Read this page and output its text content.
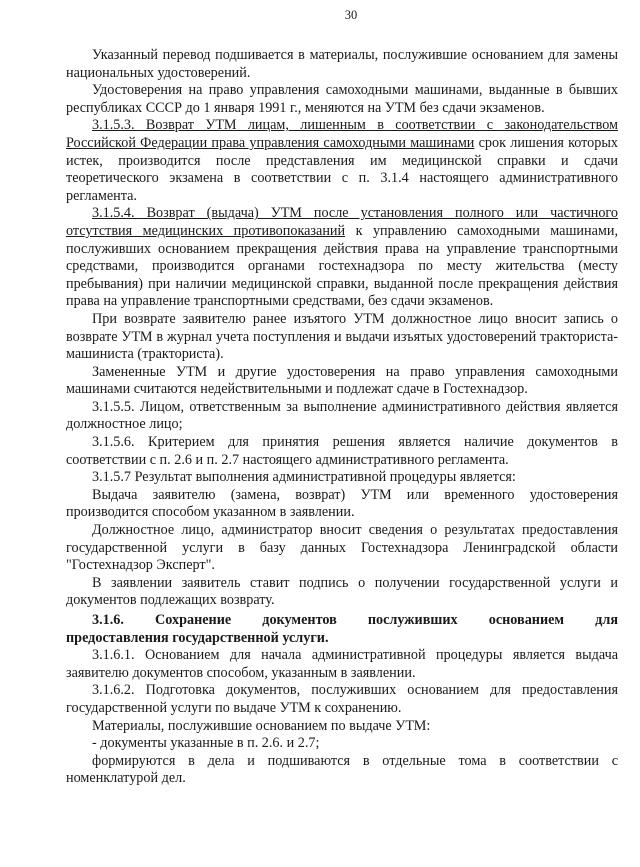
30

Указанный перевод подшивается в материалы, послужившие основанием для замены национальных удостоверений.

Удостоверения на право управления самоходными машинами, выданные в бывших республиках СССР до 1 января 1991 г., меняются на УТМ без сдачи экзаменов.

3.1.5.3. Возврат УТМ лицам, лишенным в соответствии с законодательством Российской Федерации права управления самоходными машинами срок лишения которых истек, производится после представления им медицинской справки и сдачи теоретического экзамена в соответствии с п. 3.1.4 настоящего административного регламента.

3.1.5.4. Возврат (выдача) УТМ после установления полного или частичного отсутствия медицинских противопоказаний к управлению самоходными машинами, послуживших основанием прекращения действия права на управление транспортными средствами, производится органами гостехнадзора по месту жительства (месту пребывания) при наличии медицинской справки, выданной после прекращения действия права на управление транспортными средствами, без сдачи экзаменов.

При возврате заявителю ранее изъятого УТМ должностное лицо вносит запись о возврате УТМ в журнал учета поступления и выдачи изъятых удостоверений тракториста-машиниста (тракториста).

Замененные УТМ и другие удостоверения на право управления самоходными машинами считаются недействительными и подлежат сдаче в Гостехнадзор.

3.1.5.5. Лицом, ответственным за выполнение административного действия является должностное лицо;

3.1.5.6. Критерием для принятия решения является наличие документов в соответствии с п. 2.6 и п. 2.7 настоящего административного регламента.

3.1.5.7 Результат выполнения административной процедуры является:

Выдача заявителю (замена, возврат) УТМ или временного удостоверения производится способом указанном в заявлении.

Должностное лицо, администратор вносит сведения о результатах предоставления государственной услуги в базу данных Гостехнадзора Ленинградской области "Гостехнадзор Эксперт".

В заявлении заявитель ставит подпись о получении государственной услуги и документов подлежащих возврату.

3.1.6. Сохранение документов послуживших основанием для

предоставления государственной услуги.

3.1.6.1. Основанием для начала административной процедуры является выдача заявителю документов способом, указанным в заявлении.

3.1.6.2. Подготовка документов, послуживших основанием для предоставления государственной услуги по выдаче УТМ к сохранению.

Материалы, послужившие основанием по выдаче УТМ:

- документы указанные в п. 2.6. и 2.7;

формируются в дела и подшиваются в отдельные тома в соответствии с номенклатурой дел.
